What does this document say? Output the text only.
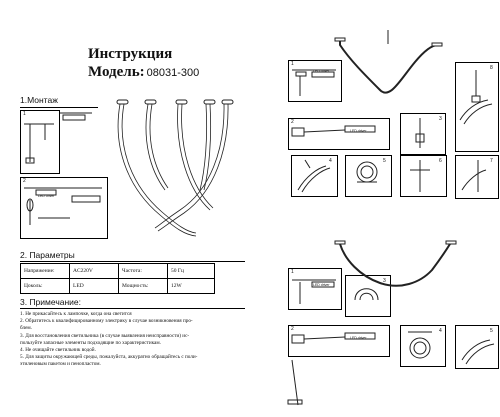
Инструкция
Модель: 08031-300
1.Монтаж
1
2
LED driver
2. Параметры
Напряжение:	AC220V	Частота:	50 Гц
Цоколь:	LED	Мощность:	12W
3. Примечание:
1. Не прикасайтесь к лампочке, когда она светится
2. Обратитесь к квалифицированному электрику в случае возникновения про-
блем.
3. Для восстановления светильника (в случае выявления неисправности) ис-
пользуйте запасные элементы подходящие по характеристикам.
4. Не очищайте светильник водой.
5. Для защиты окружающей среды, пожалуйста, аккуратно обращайтесь с поли-
этиленовым пакетом и пенопластом.
1
LED driver
2
LED driver
3
4	5	6	7
8
1
LED driver
2
LED driver
3
4	5
